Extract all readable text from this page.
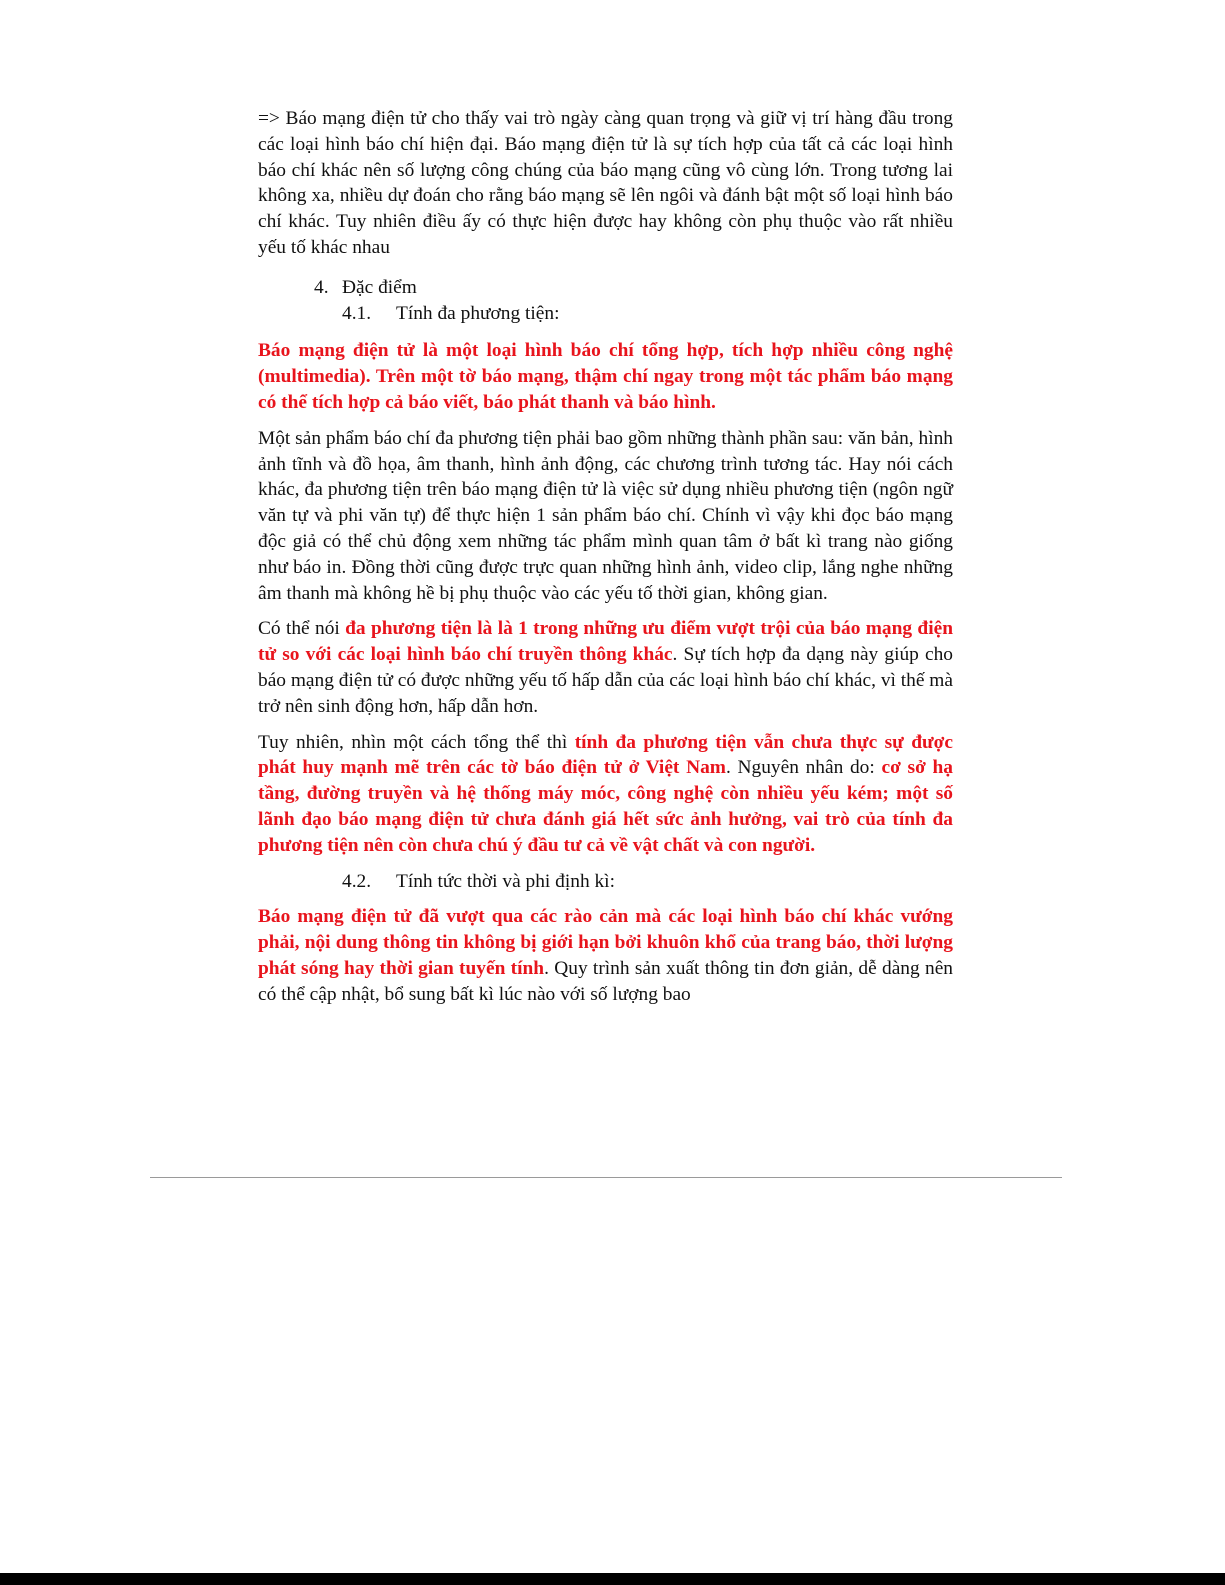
=> Báo mạng điện tử cho thấy vai trò ngày càng quan trọng và giữ vị trí hàng đầu trong các loại hình báo chí hiện đại. Báo mạng điện tử là sự tích hợp của tất cả các loại hình báo chí khác nên số lượng công chúng của báo mạng cũng vô cùng lớn. Trong tương lai không xa, nhiều dự đoán cho rằng báo mạng sẽ lên ngôi và đánh bật một số loại hình báo chí khác. Tuy nhiên điều ấy có thực hiện được hay không còn phụ thuộc vào rất nhiều yếu tố khác nhau

4. Đặc điểm
4.1.	Tính đa phương tiện:

Báo mạng điện tử là một loại hình báo chí tổng hợp, tích hợp nhiều công nghệ (multimedia). Trên một tờ báo mạng, thậm chí ngay trong một tác phẩm báo mạng có thể tích hợp cả báo viết, báo phát thanh và báo hình.

Một sản phẩm báo chí đa phương tiện phải bao gồm những thành phần sau: văn bản, hình ảnh tĩnh và đồ họa, âm thanh, hình ảnh động, các chương trình tương tác. Hay nói cách khác, đa phương tiện trên báo mạng điện tử là việc sử dụng nhiều phương tiện (ngôn ngữ văn tự và phi văn tự) để thực hiện 1 sản phẩm báo chí. Chính vì vậy khi đọc báo mạng độc giả có thể chủ động xem những tác phẩm mình quan tâm ở bất kì trang nào giống như báo in. Đồng thời cũng được trực quan những hình ảnh, video clip, lắng nghe những âm thanh mà không hề bị phụ thuộc vào các yếu tố thời gian, không gian.

Có thể nói đa phương tiện là là 1 trong những ưu điểm vượt trội của báo mạng điện tử so với các loại hình báo chí truyền thông khác. Sự tích hợp đa dạng này giúp cho báo mạng điện tử có được những yếu tố hấp dẫn của các loại hình báo chí khác, vì thế mà trở nên sinh động hơn, hấp dẫn hơn.

Tuy nhiên, nhìn một cách tổng thể thì tính đa phương tiện vẫn chưa thực sự được phát huy mạnh mẽ trên các tờ báo điện tử ở Việt Nam. Nguyên nhân do: cơ sở hạ tầng, đường truyền và hệ thống máy móc, công nghệ còn nhiều yếu kém; một số lãnh đạo báo mạng điện tử chưa đánh giá hết sức ảnh hưởng, vai trò của tính đa phương tiện nên còn chưa chú ý đầu tư cả về vật chất và con người.

4.2.	Tính tức thời và phi định kì:

Báo mạng điện tử đã vượt qua các rào cản mà các loại hình báo chí khác vướng phải, nội dung thông tin không bị giới hạn bởi khuôn khổ của trang báo, thời lượng phát sóng hay thời gian tuyến tính. Quy trình sản xuất thông tin đơn giản, dễ dàng nên có thể cập nhật, bổ sung bất kì lúc nào với số lượng bao
